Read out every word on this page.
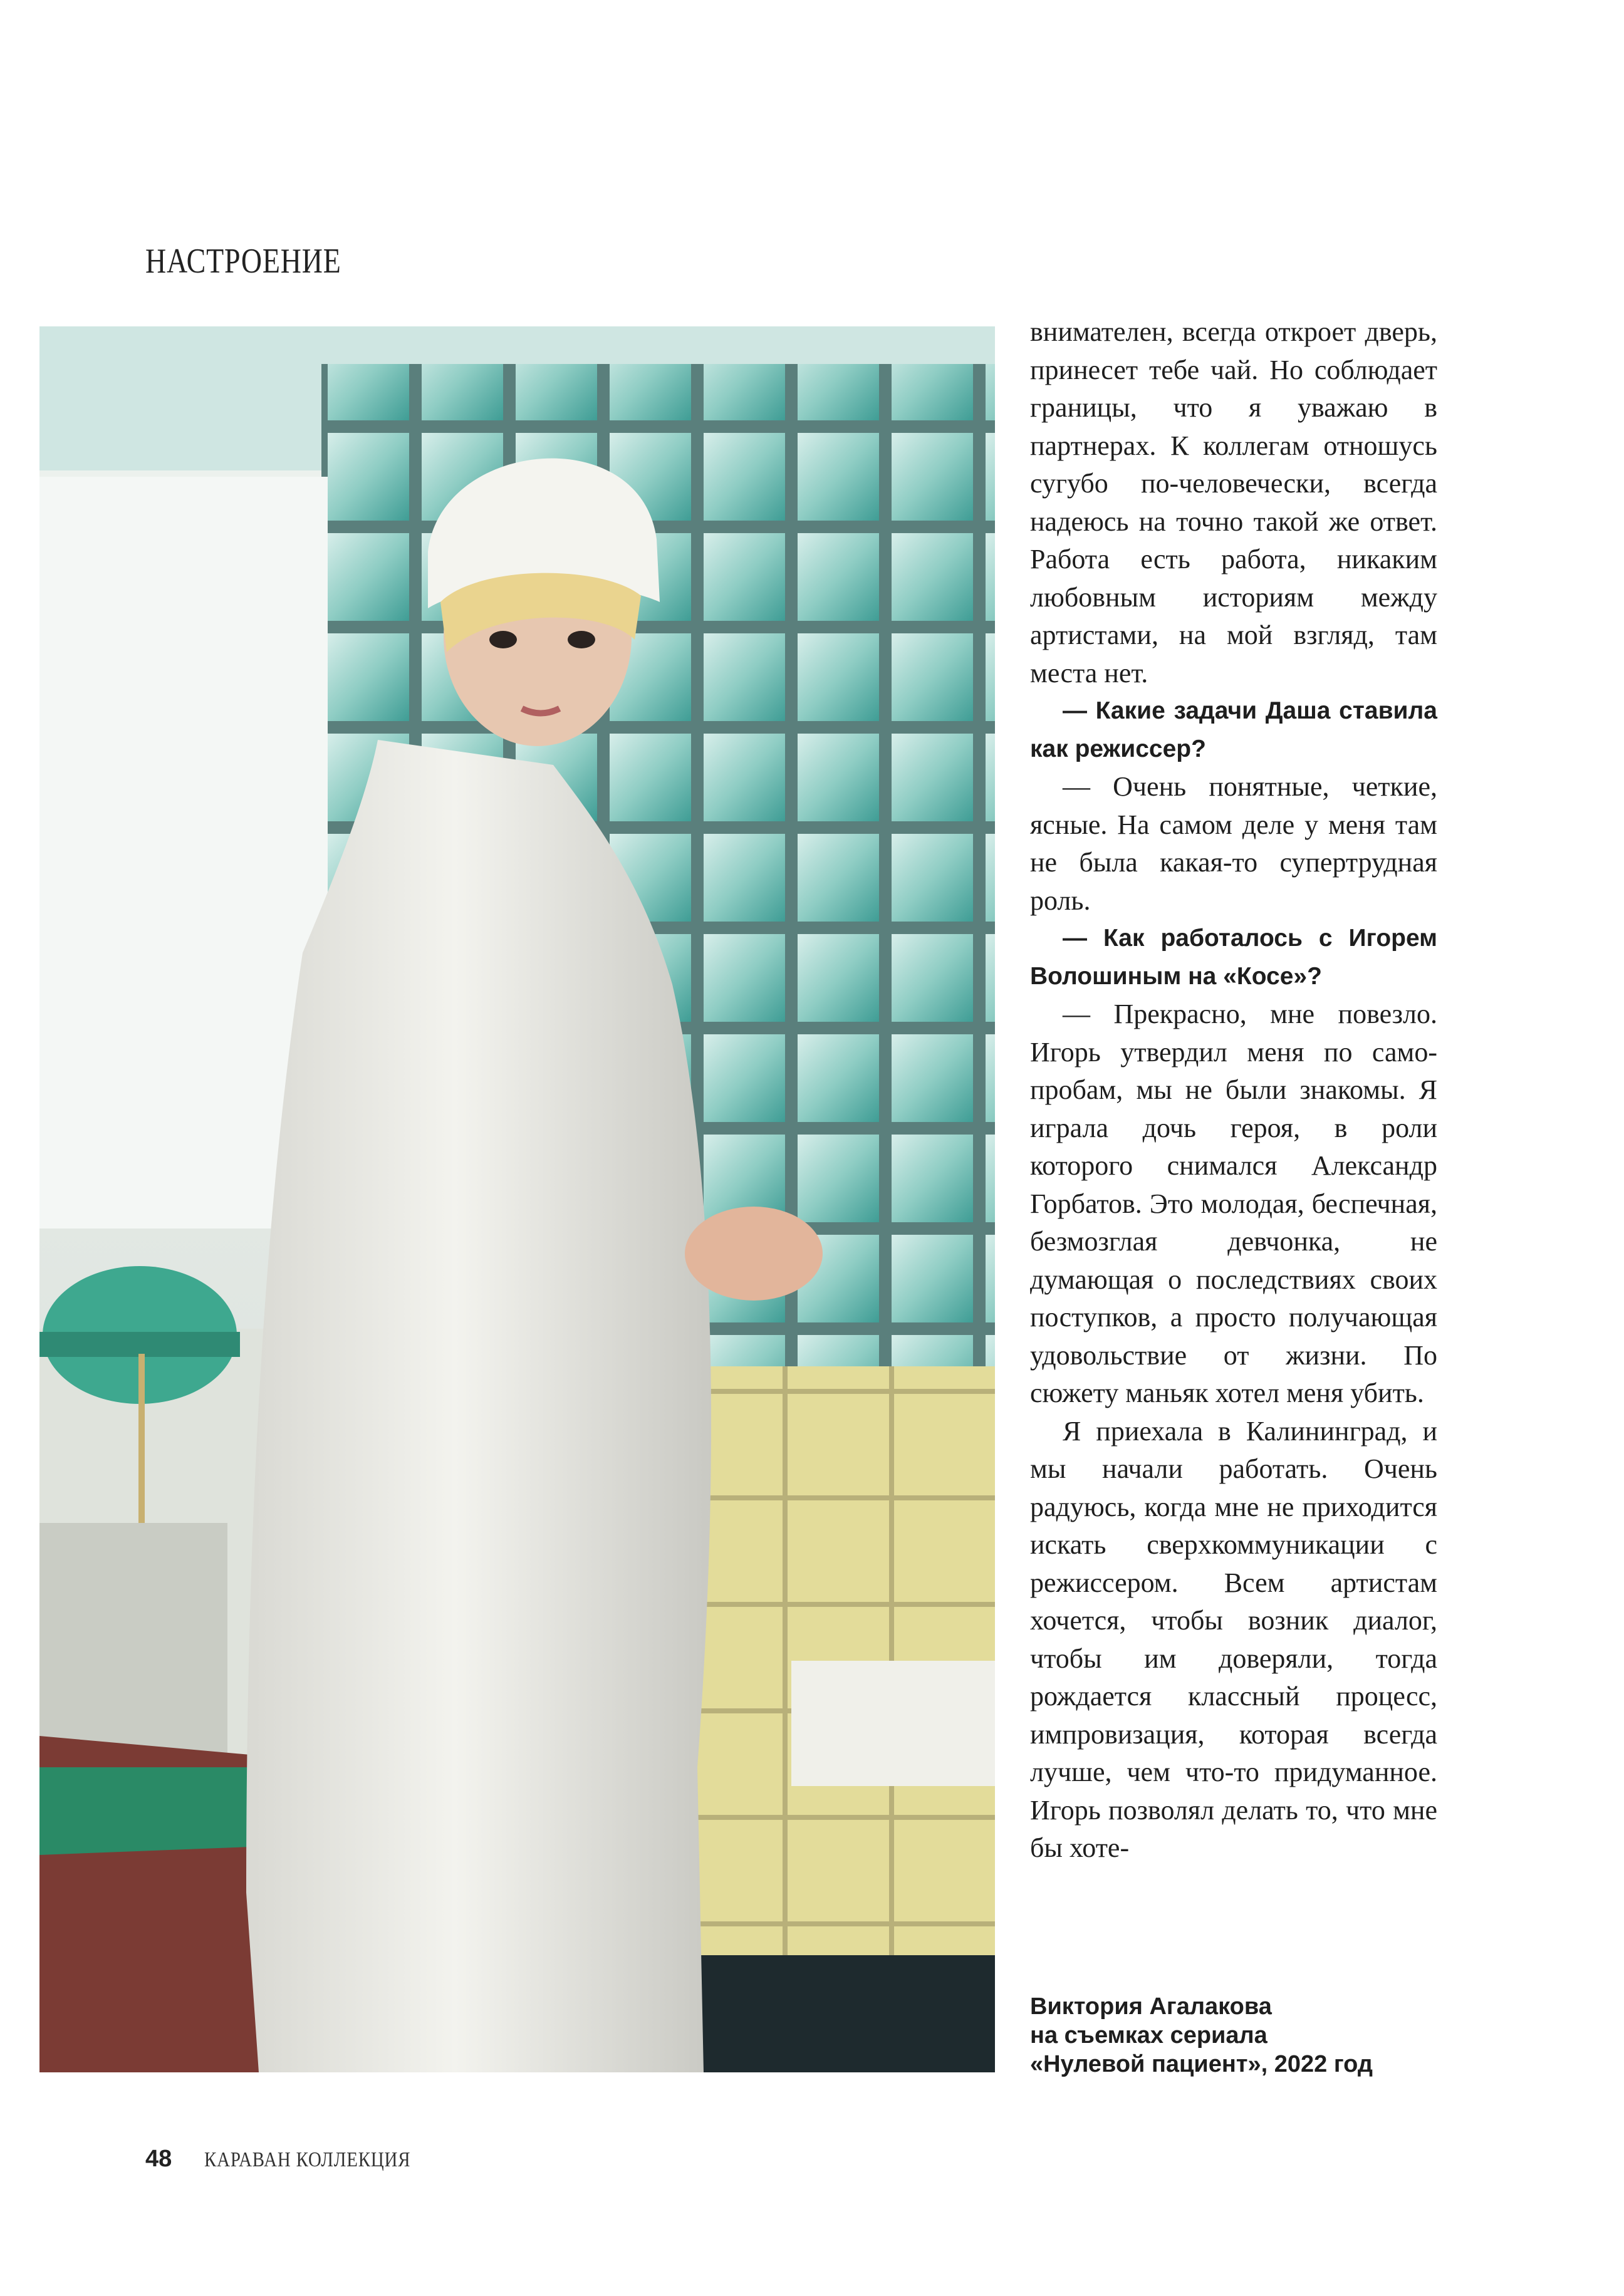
НАСТРОЕНИЕ

внимателен, всегда откроет дверь, принесет тебе чай. Но соблюдает границы, что я уважаю в партнерах. К коллегам отношусь сугубо по-человечески, всегда надеюсь на точно такой же ответ. Работа есть работа, никаким любовным историям между артистами, на мой взгляд, там места нет.

— Какие задачи Даша ставила как режиссер?

— Очень понятные, четкие, ясные. На самом деле у меня там не была какая-то супертрудная роль.

— Как работалось с Игорем Волошиным на «Косе»?

— Прекрасно, мне повезло. Игорь утвердил меня по самопробам, мы не были знакомы. Я играла дочь героя, в роли которого снимался Александр Горбатов. Это молодая, беспечная, безмозглая девчонка, не думающая о последствиях своих поступков, а просто получающая удовольствие от жизни. По сюжету маньяк хотел меня убить.

Я приехала в Калининград, и мы начали работать. Очень радуюсь, когда мне не приходится искать сверхкоммуникации с режиссером. Всем артистам хочется, чтобы возник диалог, чтобы им доверяли, тогда рождается классный процесс, импровизация, которая всегда лучше, чем что-то придуманное. Игорь позволял делать то, что мне бы хоте-

Виктория Агалакова
на съемках сериала
«Нулевой пациент», 2022 год
48 КАРАВАН КОЛЛЕКЦИЯ
